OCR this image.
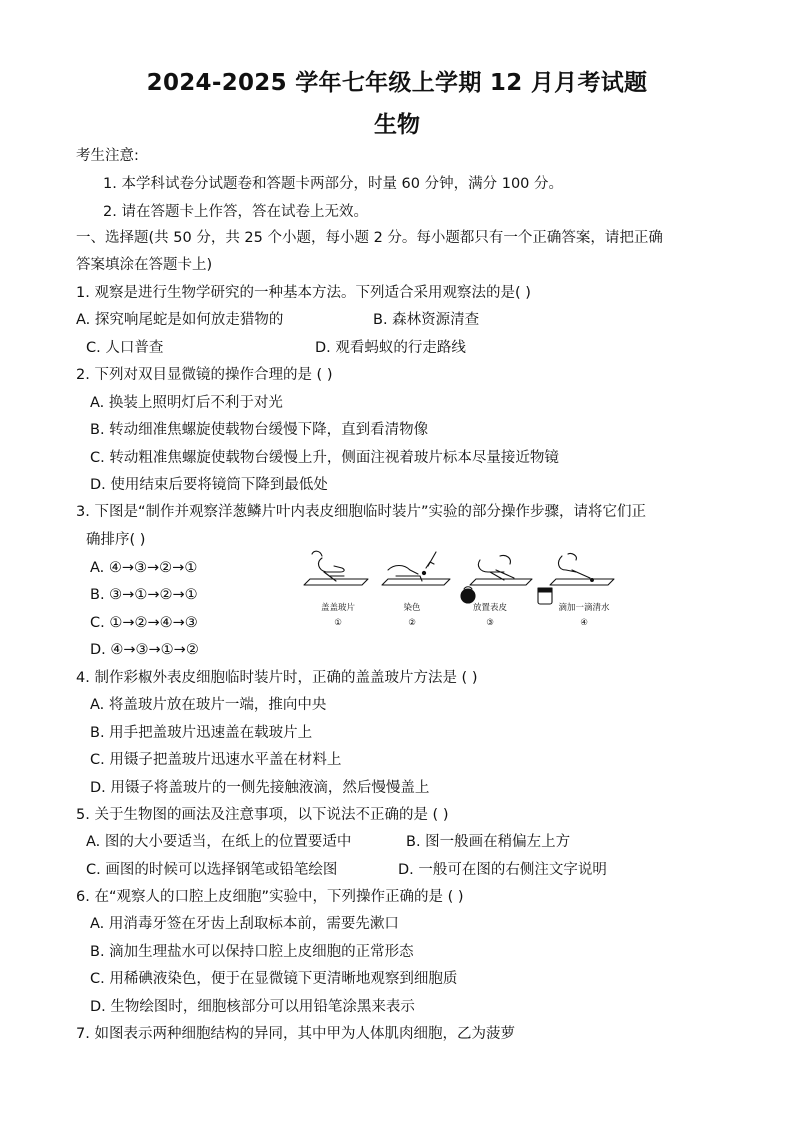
2024-2025 学年七年级上学期 12 月月考试题
生物
考生注意:
1. 本学科试卷分试题卷和答题卡两部分，时量 60 分钟，满分 100 分。
2. 请在答题卡上作答，答在试卷上无效。
一、选择题(共 50 分，共 25 个小题，每小题 2 分。每小题都只有一个正确答案，请把正确
答案填涂在答题卡上)
1. 观察是进行生物学研究的一种基本方法。下列适合采用观察法的是( )
A. 探究响尾蛇是如何放走猎物的	B. 森林资源清查
C. 人口普查	D. 观看蚂蚁的行走路线
2. 下列对双目显微镜的操作合理的是 ( )
A. 换装上照明灯后不利于对光
B. 转动细准焦螺旋使载物台缓慢下降，直到看清物像
C. 转动粗准焦螺旋使载物台缓慢上升，侧面注视着玻片标本尽量接近物镜
D. 使用结束后要将镜筒下降到最低处
3. 下图是“制作并观察洋葱鳞片叶内表皮细胞临时装片”实验的部分操作步骤，请将它们正
确排序( )
A. ④→③→②→①
B. ③→①→②→①
C. ①→②→④→③
D. ④→③→①→②
盖盖玻片
①
染色
②
放置表皮
③
滴加一滴清水
④
4. 制作彩椒外表皮细胞临时装片时，正确的盖盖玻片方法是 ( )
A. 将盖玻片放在玻片一端，推向中央
B. 用手把盖玻片迅速盖在载玻片上
C. 用镊子把盖玻片迅速水平盖在材料上
D. 用镊子将盖玻片的一侧先接触液滴，然后慢慢盖上
5. 关于生物图的画法及注意事项，以下说法不正确的是 ( )
A. 图的大小要适当，在纸上的位置要适中	B. 图一般画在稍偏左上方
C. 画图的时候可以选择钢笔或铅笔绘图	D. 一般可在图的右侧注文字说明
6. 在“观察人的口腔上皮细胞”实验中，下列操作正确的是 ( )
A. 用消毒牙签在牙齿上刮取标本前，需要先漱口
B. 滴加生理盐水可以保持口腔上皮细胞的正常形态
C. 用稀碘液染色，便于在显微镜下更清晰地观察到细胞质
D. 生物绘图时，细胞核部分可以用铅笔涂黑来表示
7. 如图表示两种细胞结构的异同，其中甲为人体肌肉细胞，乙为菠萝
